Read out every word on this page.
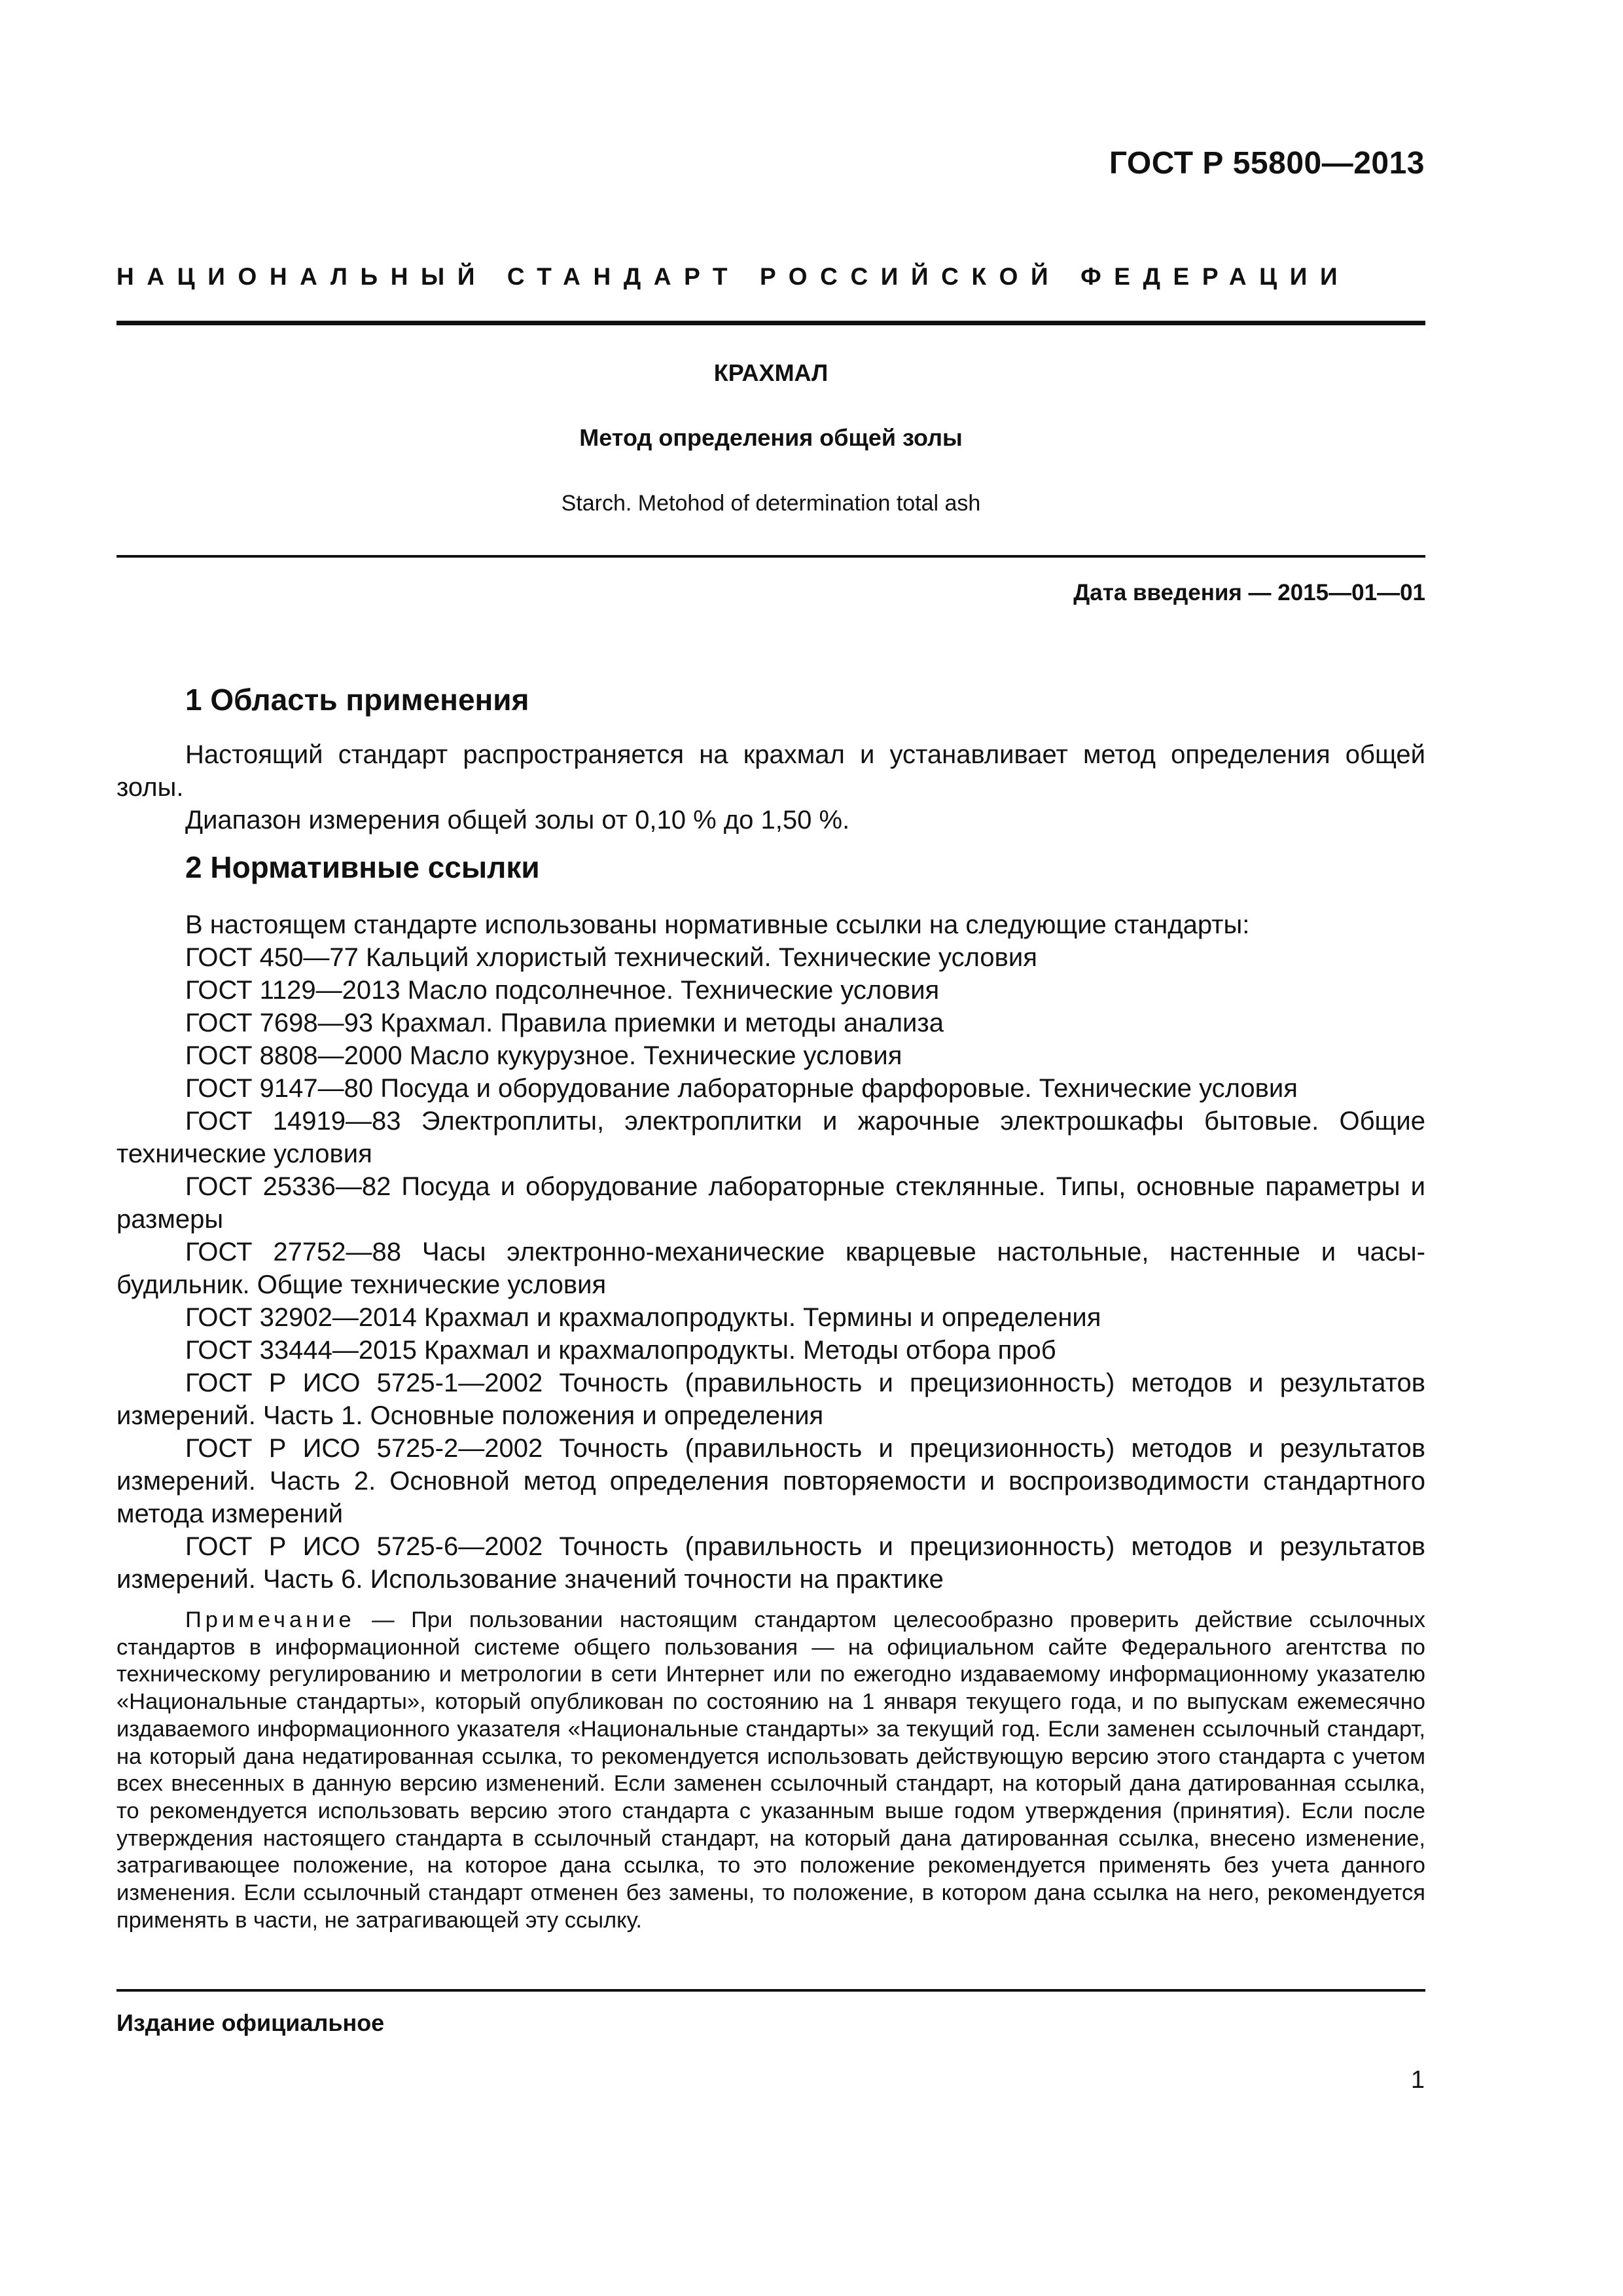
ГОСТ Р 55800—2013
НАЦИОНАЛЬНЫЙ СТАНДАРТ РОССИЙСКОЙ ФЕДЕРАЦИИ
КРАХМАЛ
Метод определения общей золы
Starch. Metohod of determination total ash
Дата введения — 2015—01—01
1 Область применения

Настоящий стандарт распространяется на крахмал и устанавливает метод определения общей золы.

Диапазон измерения общей золы от 0,10 % до 1,50 %.

2 Нормативные ссылки

В настоящем стандарте использованы нормативные ссылки на следующие стандарты:

ГОСТ 450—77 Кальций хлористый технический. Технические условия

ГОСТ 1129—2013 Масло подсолнечное. Технические условия

ГОСТ 7698—93 Крахмал. Правила приемки и методы анализа

ГОСТ 8808—2000 Масло кукурузное. Технические условия

ГОСТ 9147—80 Посуда и оборудование лабораторные фарфоровые. Технические условия

ГОСТ 14919—83 Электроплиты, электроплитки и жарочные электрошкафы бытовые. Общие технические условия

ГОСТ 25336—82 Посуда и оборудование лабораторные стеклянные. Типы, основные параметры и размеры

ГОСТ 27752—88 Часы электронно-механические кварцевые настольные, настенные и часы-будильник. Общие технические условия

ГОСТ 32902—2014 Крахмал и крахмалопродукты. Термины и определения

ГОСТ 33444—2015 Крахмал и крахмалопродукты. Методы отбора проб

ГОСТ Р ИСО 5725-1—2002 Точность (правильность и прецизионность) методов и результатов измерений. Часть 1. Основные положения и определения

ГОСТ Р ИСО 5725-2—2002 Точность (правильность и прецизионность) методов и результатов измерений. Часть 2. Основной метод определения повторяемости и воспроизводимости стандартного метода измерений

ГОСТ Р ИСО 5725-6—2002 Точность (правильность и прецизионность) методов и результатов измерений. Часть 6. Использование значений точности на практике

Примечание — При пользовании настоящим стандартом целесообразно проверить действие ссылочных стандартов в информационной системе общего пользования — на официальном сайте Федерального агентства по техническому регулированию и метрологии в сети Интернет или по ежегодно издаваемому информационному указателю «Национальные стандарты», который опубликован по состоянию на 1 января текущего года, и по выпускам ежемесячно издаваемого информационного указателя «Национальные стандарты» за текущий год. Если заменен ссылочный стандарт, на который дана недатированная ссылка, то рекомендуется использовать действующую версию этого стандарта с учетом всех внесенных в данную версию изменений. Если заменен ссылочный стандарт, на который дана датированная ссылка, то рекомендуется использовать версию этого стандарта с указанным выше годом утверждения (принятия). Если после утверждения настоящего стандарта в ссылочный стандарт, на который дана датированная ссылка, внесено изменение, затрагивающее положение, на которое дана ссылка, то это положение рекомендуется применять без учета данного изменения. Если ссылочный стандарт отменен без замены, то положение, в котором дана ссылка на него, рекомендуется применять в части, не затрагивающей эту ссылку.

Издание официальное
1
